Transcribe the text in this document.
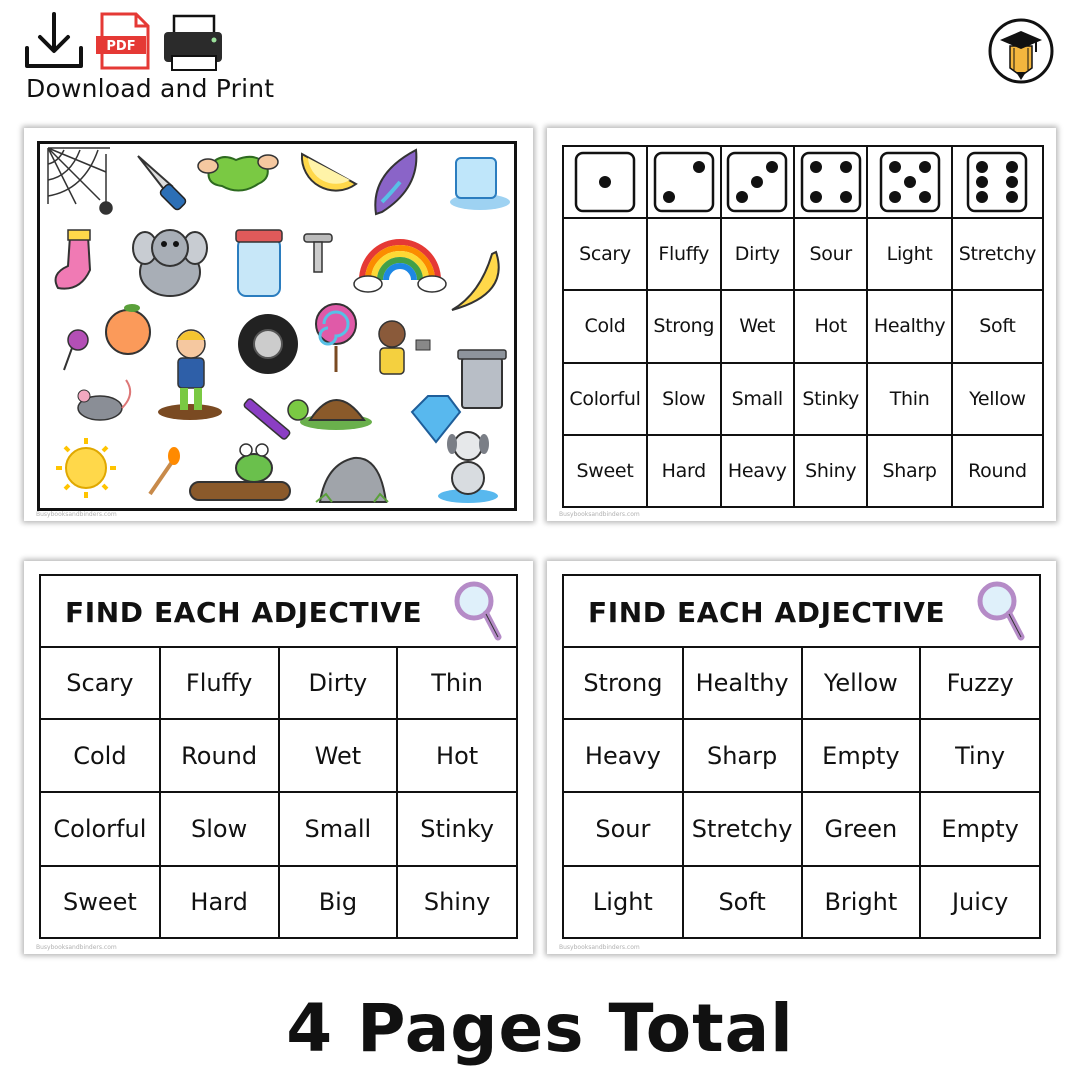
PDF
Download and Print
Busybooksandbinders.com

Scary	Fluffy	Dirty	Sour	Light	Stretchy
Cold	Strong	Wet	Hot	Healthy	Soft
Colorful	Slow	Small	Stinky	Thin	Yellow
Sweet	Hard	Heavy	Shiny	Sharp	Round
Busybooksandbinders.com
FIND EACH ADJECTIVE
Scary	Fluffy	Dirty	Thin
Cold	Round	Wet	Hot
Colorful	Slow	Small	Stinky
Sweet	Hard	Big	Shiny
Busybooksandbinders.com
FIND EACH ADJECTIVE
Strong	Healthy	Yellow	Fuzzy
Heavy	Sharp	Empty	Tiny
Sour	Stretchy	Green	Empty
Light	Soft	Bright	Juicy
Busybooksandbinders.com
4 Pages Total
